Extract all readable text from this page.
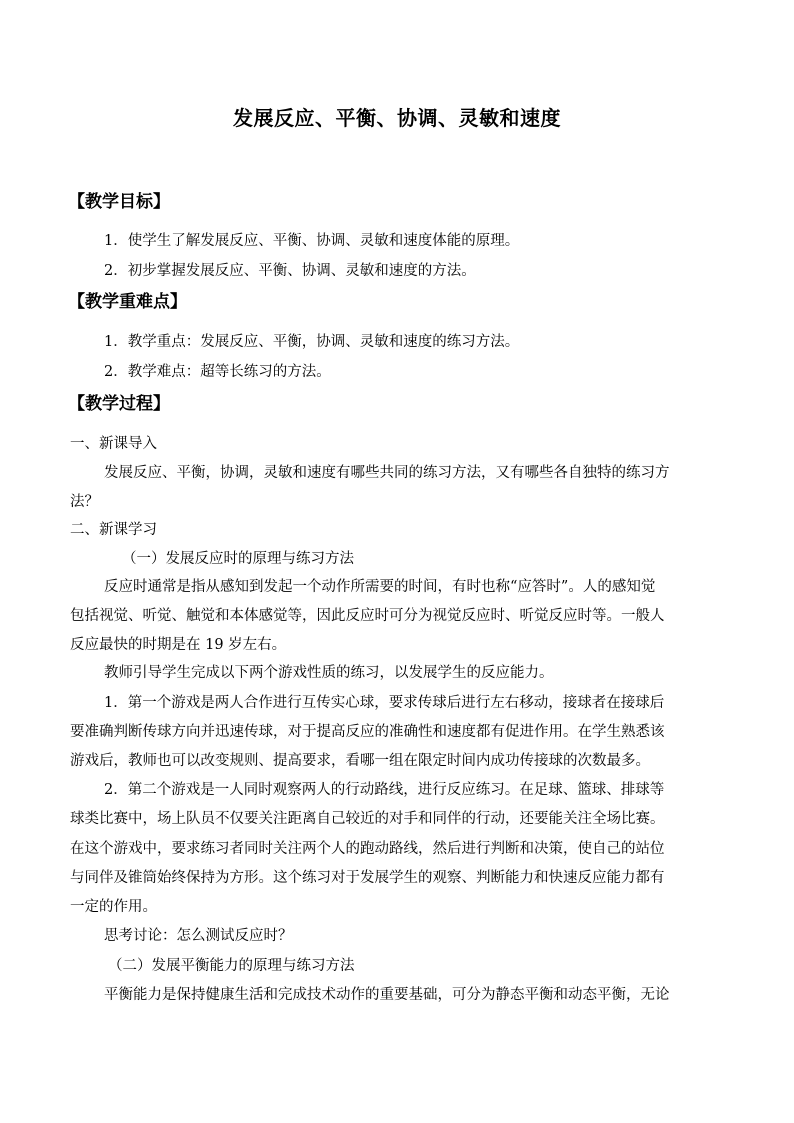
发展反应、平衡、协调、灵敏和速度
【教学目标】
1．使学生了解发展反应、平衡、协调、灵敏和速度体能的原理。
2．初步掌握发展反应、平衡、协调、灵敏和速度的方法。
【教学重难点】
1．教学重点：发展反应、平衡，协调、灵敏和速度的练习方法。
2．教学难点：超等长练习的方法。
【教学过程】
一、新课导入
发展反应、平衡，协调，灵敏和速度有哪些共同的练习方法，又有哪些各自独特的练习方
法？
二、新课学习
（一）发展反应时的原理与练习方法
反应时通常是指从感知到发起一个动作所需要的时间，有时也称“应答时”。人的感知觉
包括视觉、听觉、触觉和本体感觉等，因此反应时可分为视觉反应时、听觉反应时等。一般人
反应最快的时期是在 19 岁左右。
教师引导学生完成以下两个游戏性质的练习，以发展学生的反应能力。
1．第一个游戏是两人合作进行互传实心球，要求传球后进行左右移动，接球者在接球后
要准确判断传球方向并迅速传球，对于提高反应的准确性和速度都有促进作用。在学生熟悉该
游戏后，教师也可以改变规则、提高要求，看哪一组在限定时间内成功传接球的次数最多。
2．第二个游戏是一人同时观察两人的行动路线，进行反应练习。在足球、篮球、排球等
球类比赛中，场上队员不仅要关注距离自己较近的对手和同伴的行动，还要能关注全场比赛。
在这个游戏中，要求练习者同时关注两个人的跑动路线，然后进行判断和决策，使自己的站位
与同伴及锥筒始终保持为方形。这个练习对于发展学生的观察、判断能力和快速反应能力都有
一定的作用。
思考讨论：怎么测试反应时？
（二）发展平衡能力的原理与练习方法
平衡能力是保持健康生活和完成技术动作的重要基础，可分为静态平衡和动态平衡，无论
